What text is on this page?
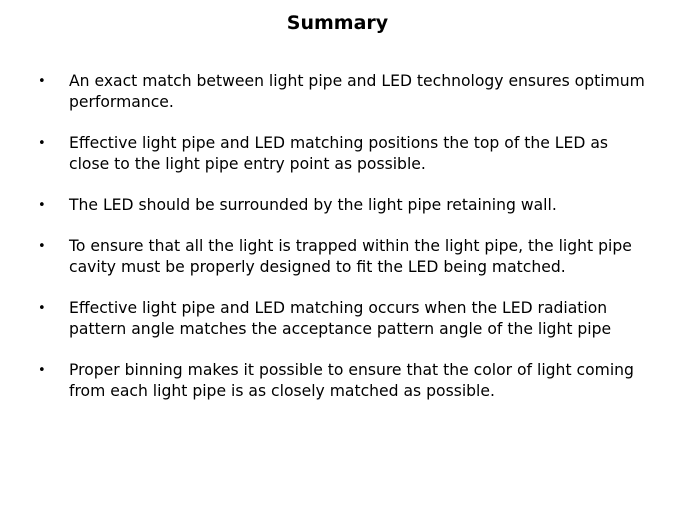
Summary
• An exact match between light pipe and LED technology ensures optimum performance.
• Effective light pipe and LED matching positions the top of the LED as close to the light pipe entry point as possible.
• The LED should be surrounded by the light pipe retaining wall.
• To ensure that all the light is trapped within the light pipe, the light pipe cavity must be properly designed to fit the LED being matched.
• Effective light pipe and LED matching occurs when the LED radiation pattern angle matches the acceptance pattern angle of the light pipe
• Proper binning makes it possible to ensure that the color of light coming from each light pipe is as closely matched as possible.
